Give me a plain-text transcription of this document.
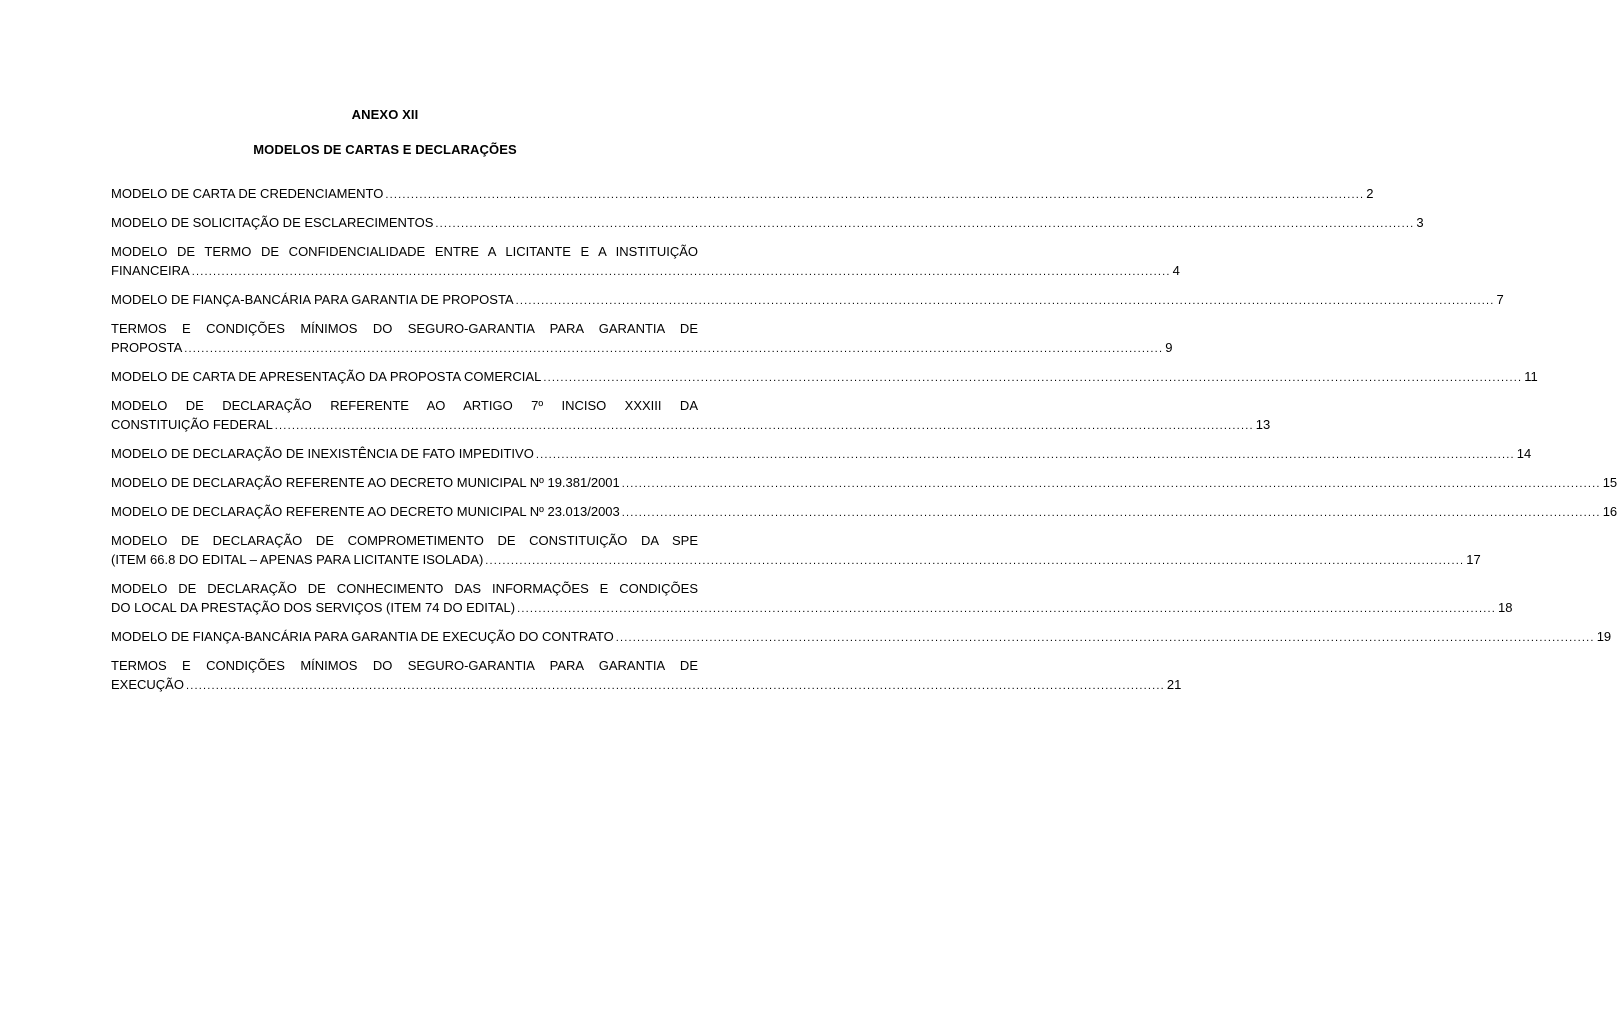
ANEXO XII
MODELOS DE CARTAS E DECLARAÇÕES
MODELO DE CARTA DE CREDENCIAMENTO .....	2
MODELO DE SOLICITAÇÃO DE ESCLARECIMENTOS .....	3
MODELO DE TERMO DE CONFIDENCIALIDADE ENTRE A LICITANTE E A INSTITUIÇÃO
FINANCEIRA .....	4
MODELO DE FIANÇA-BANCÁRIA PARA GARANTIA DE PROPOSTA .....	7
TERMOS E CONDIÇÕES MÍNIMOS DO SEGURO-GARANTIA PARA GARANTIA DE
PROPOSTA .....	9
MODELO DE CARTA DE APRESENTAÇÃO DA PROPOSTA COMERCIAL .....	11
MODELO DE DECLARAÇÃO REFERENTE AO ARTIGO 7º INCISO XXXIII DA
CONSTITUIÇÃO FEDERAL .....	13
MODELO DE DECLARAÇÃO DE INEXISTÊNCIA DE FATO IMPEDITIVO .....	14
MODELO DE DECLARAÇÃO REFERENTE AO DECRETO MUNICIPAL Nº 19.381/2001 .....	15
MODELO DE DECLARAÇÃO REFERENTE AO DECRETO MUNICIPAL Nº 23.013/2003 .....	16
MODELO DE DECLARAÇÃO DE COMPROMETIMENTO DE CONSTITUIÇÃO DA SPE
(ITEM 66.8 DO EDITAL – APENAS PARA LICITANTE ISOLADA) .....	17
MODELO DE DECLARAÇÃO DE CONHECIMENTO DAS INFORMAÇÕES E CONDIÇÕES
DO LOCAL DA PRESTAÇÃO DOS SERVIÇOS (ITEM 74 DO EDITAL) .....	18
MODELO DE FIANÇA-BANCÁRIA PARA GARANTIA DE EXECUÇÃO DO CONTRATO .....	19
TERMOS E CONDIÇÕES MÍNIMOS DO SEGURO-GARANTIA PARA GARANTIA DE
EXECUÇÃO .....	21
